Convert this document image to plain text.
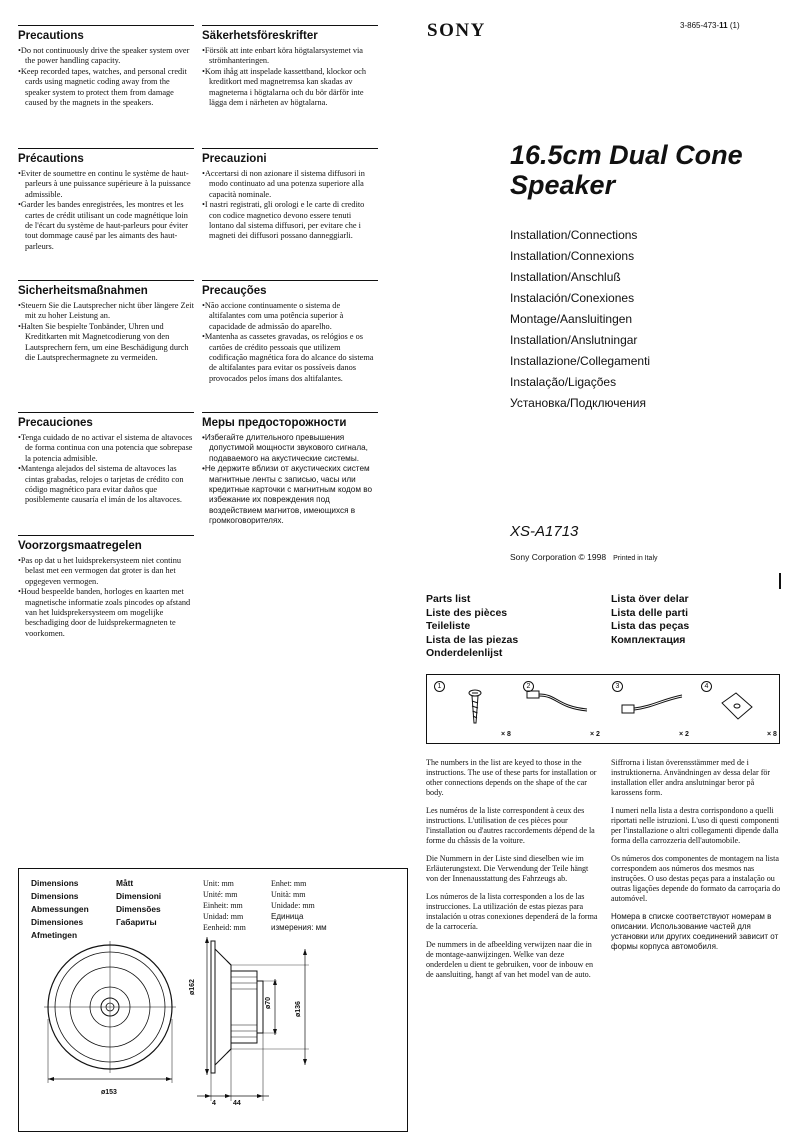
SONY	3-865-473-11 (1)
Precautions
• Do not continuously drive the speaker system over the power handling capacity.
• Keep recorded tapes, watches, and personal credit cards using magnetic coding away from the speaker system to protect them from damage caused by the magnets in the speakers.
Säkerhetsföreskrifter
• Försök att inte enbart köra högtalarsystemet via strömhanteringen.
• Kom ihåg att inspelade kassettband, klockor och kreditkort med magnetremsa kan skadas av magneterna i högtalarna och du bör därför inte lägga dem i närheten av högtalarna.
Précautions
• Eviter de soumettre en continu le système de haut-parleurs à une puissance supérieure à la puissance admissible.
• Garder les bandes enregistrées, les montres et les cartes de crédit utilisant un code magnétique loin de l'écart du système de haut-parleurs pour éviter tout dommage causé par les aimants des haut-parleurs.
Precauzioni
• Accertarsi di non azionare il sistema diffusori in modo continuato ad una potenza superiore alla capacità nominale.
• I nastri registrati, gli orologi e le carte di credito con codice magnetico devono essere tenuti lontano dal sistema diffusori, per evitare che i magneti dei diffusori possano danneggiarli.
Sicherheitsmaßnahmen
• Steuern Sie die Lautsprecher nicht über längere Zeit mit zu hoher Leistung an.
• Halten Sie bespielte Tonbänder, Uhren und Kreditkarten mit Magnetcodierung von den Lautsprechern fern, um eine Beschädigung durch die Lautsprechermagnete zu vermeiden.
Precauções
• Não accione continuamente o sistema de altifalantes com uma potência superior à capacidade de admissão do aparelho.
• Mantenha as cassetes gravadas, os relógios e os cartões de crédito pessoais que utilizem codificação magnética fora do alcance do sistema de altifalantes para evitar os possíveis danos provocados pelos ímans dos altifalantes.
Precauciones
• Tenga cuidado de no activar el sistema de altavoces de forma continua con una potencia que sobrepase la potencia admisible.
• Mantenga alejados del sistema de altavoces las cintas grabadas, relojes o tarjetas de crédito con código magnético para evitar daños que posiblemente causaría el imán de los altavoces.
Меры предосторожности
• Избегайте длительного превышения допустимой мощности звукового сигнала, подаваемого на акустические системы.
• Не держите вблизи от акустических систем магнитные ленты с записью, часы или кредитные карточки с магнитным кодом во избежание их повреждения под воздействием магнитов, имеющихся в громкоговорителях.
Voorzorgsmaatregelen
• Pas op dat u het luidsprekersysteem niet continu belast met een vermogen dat groter is dan het opgegeven vermogen.
• Houd bespeelde banden, horloges en kaarten met magnetische informatie zoals pincodes op afstand van het luidsprekersysteem om mogelijke beschadiging door de luidsprekermagneten te voorkomen.
16.5cm Dual Cone
Speaker
Installation/Connections
Installation/Connexions
Installation/Anschluß
Instalación/Conexiones
Montage/Aansluitingen
Installation/Anslutningar
Installazione/Collegamenti
Instalação/Ligações
Установка/Подключения
XS-A1713
Sony Corporation © 1998 Printed in Italy
Parts list
Liste des pièces
Teileliste
Lista de las piezas
Onderdelenlijst
Lista över delar
Lista delle parti
Lista das peças
Комплектация
1	2	3	4
× 8	× 2	× 2	× 8

The numbers in the list are keyed to those in the instructions. The use of these parts for installation or other connections depends on the shape of the car body.

Les numéros de la liste correspondent à ceux des instructions. L'utilisation de ces pièces pour l'installation ou d'autres raccordements dépend de la forme du châssis de la voiture.

Die Nummern in der Liste sind dieselben wie im Erläuterungstext. Die Verwendung der Teile hängt von der Innenausstattung des Fahrzeugs ab.

Los números de la lista corresponden a los de las instrucciones. La utilización de estas piezas para instalación u otras conexiones dependerá de la forma de la carrocería.

De nummers in de afbeelding verwijzen naar die in de montage-aanwijzingen. Welke van deze onderdelen u dient te gebruiken, voor de inbouw en de aansluiting, hangt af van het model van de auto.

Siffrorna i listan överensstämmer med de i instruktionerna. Användningen av dessa delar för installation eller andra anslutningar beror på karossens form.

I numeri nella lista a destra corrispondono a quelli riportati nelle istruzioni. L'uso di questi componenti per l'installazione o altri collegamenti dipende dalla forma della carrozzeria dell'automobile.

Os números dos componentes de montagem na lista correspondem aos números dos mesmos nas instruções. O uso destas peças para a instalação ou outras ligações depende do formato da carroçaria do automóvel.

Номера в списке соответствуют номерам в описании. Использование частей для установки или других соединений зависит от формы корпуса автомобиля.

Dimensions
Dimensions
Abmessungen
Dimensiones
Afmetingen
Mått
Dimensioni
Dimensões
Габариты
Unit: mm
Unité: mm
Einheit: mm
Unidad: mm
Eenheid: mm
Enhet: mm
Unità: mm
Unidade: mm
Единица
измерения: мм
ø153
ø162
ø70	ø136
4 44
